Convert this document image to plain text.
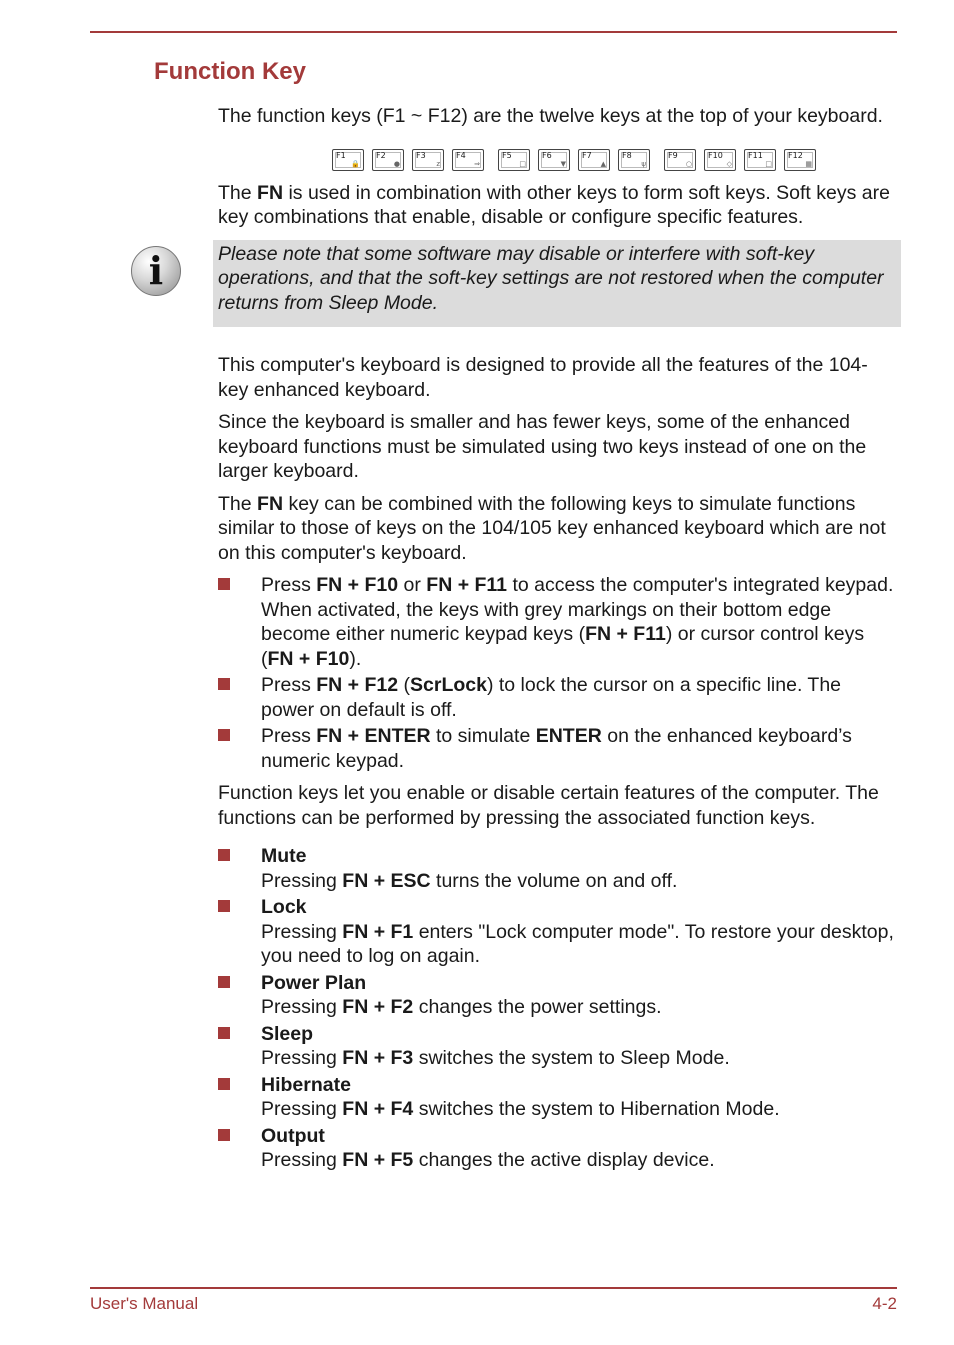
Function Key

The function keys (F1 ~ F12) are the twelve keys at the top of your keyboard.

F1
🔒
F2
●
F3
z
F4
⇒
F5
□
F6
▼
F7
▲
F8
ψ
F9
○
F10
◇
F11
□
F12
▦

The FN is used in combination with other keys to form soft keys. Soft keys are key combinations that enable, disable or configure specific features.

i	Please note that some software may disable or interfere with soft-key operations, and that the soft-key settings are not restored when the computer returns from Sleep Mode.

This computer's keyboard is designed to provide all the features of the 104-key enhanced keyboard.

Since the keyboard is smaller and has fewer keys, some of the enhanced keyboard functions must be simulated using two keys instead of one on the larger keyboard.

The FN key can be combined with the following keys to simulate functions similar to those of keys on the 104/105 key enhanced keyboard which are not on this computer's keyboard.

Press FN + F10 or FN + F11 to access the computer's integrated keypad. When activated, the keys with grey markings on their bottom edge become either numeric keypad keys (FN + F11) or cursor control keys (FN + F10).
Press FN + F12 (ScrLock) to lock the cursor on a specific line. The power on default is off.
Press FN + ENTER to simulate ENTER on the enhanced keyboard’s numeric keypad.

Function keys let you enable or disable certain features of the computer. The functions can be performed by pressing the associated function keys.

Mute
Pressing FN + ESC turns the volume on and off.
Lock
Pressing FN + F1 enters "Lock computer mode". To restore your desktop, you need to log on again.
Power Plan
Pressing FN + F2 changes the power settings.
Sleep
Pressing FN + F3 switches the system to Sleep Mode.
Hibernate
Pressing FN + F4 switches the system to Hibernation Mode.
Output
Pressing FN + F5 changes the active display device.
User's Manual	4-2
